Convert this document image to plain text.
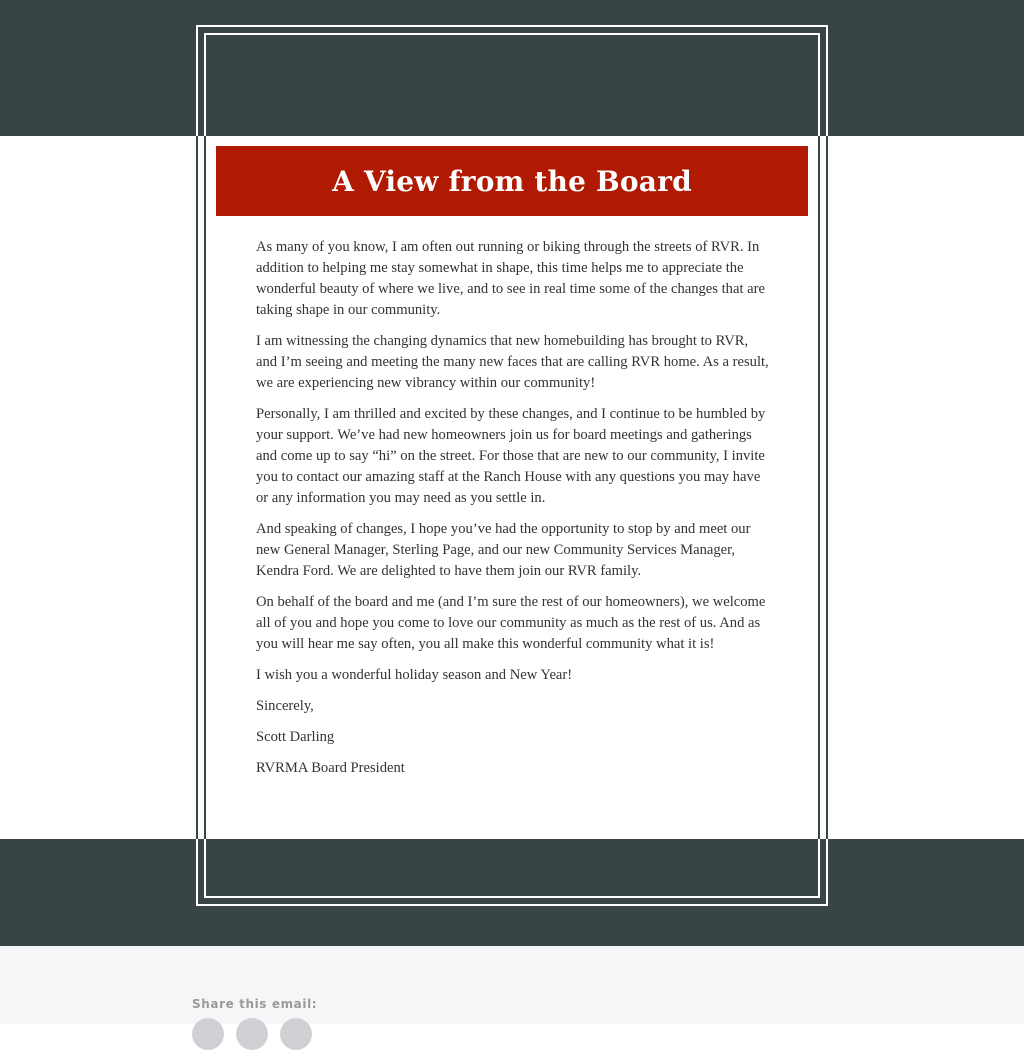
A View from the Board

As many of you know, I am often out running or biking through the streets of RVR. In addition to helping me stay somewhat in shape, this time helps me to appreciate the wonderful beauty of where we live, and to see in real time some of the changes that are taking shape in our community.

I am witnessing the changing dynamics that new homebuilding has brought to RVR, and I’m seeing and meeting the many new faces that are calling RVR home. As a result, we are experiencing new vibrancy within our community!

Personally, I am thrilled and excited by these changes, and I continue to be humbled by your support. We’ve had new homeowners join us for board meetings and gatherings and come up to say “hi” on the street. For those that are new to our community, I invite you to contact our amazing staff at the Ranch House with any questions you may have or any information you may need as you settle in.

And speaking of changes, I hope you’ve had the opportunity to stop by and meet our new General Manager, Sterling Page, and our new Community Services Manager, Kendra Ford. We are delighted to have them join our RVR family.

On behalf of the board and me (and I’m sure the rest of our homeowners), we welcome all of you and hope you come to love our community as much as the rest of us. And as you will hear me say often, you all make this wonderful community what it is!

I wish you a wonderful holiday season and New Year!

Sincerely,

Scott Darling

RVRMA Board President

Share this email:
